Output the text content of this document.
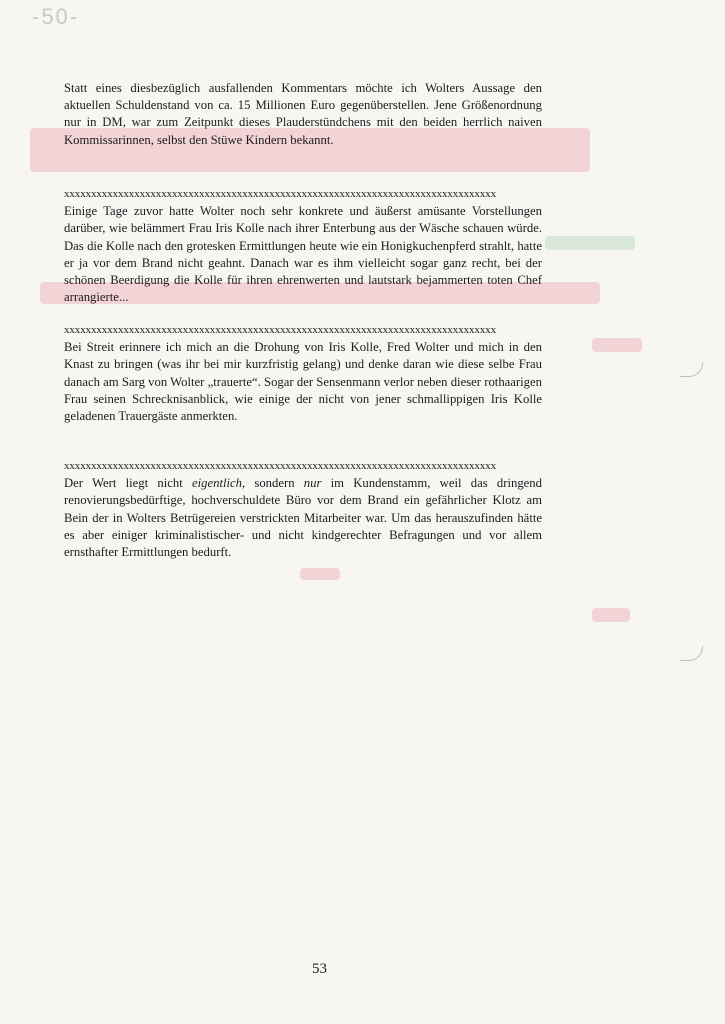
-50-

Statt eines diesbezüglich ausfallenden Kommentars möchte ich Wolters Aussage den aktuellen Schuldenstand von ca. 15 Millionen Euro gegenüberstellen. Jene Größenordnung nur in DM, war zum Zeitpunkt dieses Plauderstündchens mit den beiden herrlich naiven Kommissarinnen, selbst den Stüwe Kindern bekannt.

xxxxxxxxxxxxxxxxxxxxxxxxxxxxxxxxxxxxxxxxxxxxxxxxxxxxxxxxxxxxxxxxxxxxxxxxxxxxxxxx

Einige Tage zuvor hatte Wolter noch sehr konkrete und äußerst amüsante Vorstellungen darüber, wie belämmert Frau Iris Kolle nach ihrer Enterbung aus der Wäsche schauen würde. Das die Kolle nach den grotesken Ermittlungen heute wie ein Honigkuchenpferd strahlt, hatte er ja vor dem Brand nicht geahnt. Danach war es ihm vielleicht sogar ganz recht, bei der schönen Beerdigung die Kolle für ihren ehrenwerten und lautstark bejammerten toten Chef arrangierte...

xxxxxxxxxxxxxxxxxxxxxxxxxxxxxxxxxxxxxxxxxxxxxxxxxxxxxxxxxxxxxxxxxxxxxxxxxxxxxxxx

Bei Streit erinnere ich mich an die Drohung von Iris Kolle, Fred Wolter und mich in den Knast zu bringen (was ihr bei mir kurzfristig gelang) und denke daran wie diese selbe Frau danach am Sarg von Wolter „trauerte“. Sogar der Sensenmann verlor neben dieser rothaarigen Frau seinen Schrecknisanblick, wie einige der nicht von jener schmallippigen Iris Kolle geladenen Trauergäste anmerkten.

xxxxxxxxxxxxxxxxxxxxxxxxxxxxxxxxxxxxxxxxxxxxxxxxxxxxxxxxxxxxxxxxxxxxxxxxxxxxxxxx

Der Wert liegt nicht eigentlich, sondern nur im Kundenstamm, weil das dringend renovierungsbedürftige, hochverschuldete Büro vor dem Brand ein gefährlicher Klotz am Bein der in Wolters Betrügereien verstrickten Mitarbeiter war. Um das herauszufinden hätte es aber einiger kriminalistischer- und nicht kindgerechter Befragungen und vor allem ernsthafter Ermittlungen bedurft.

53
